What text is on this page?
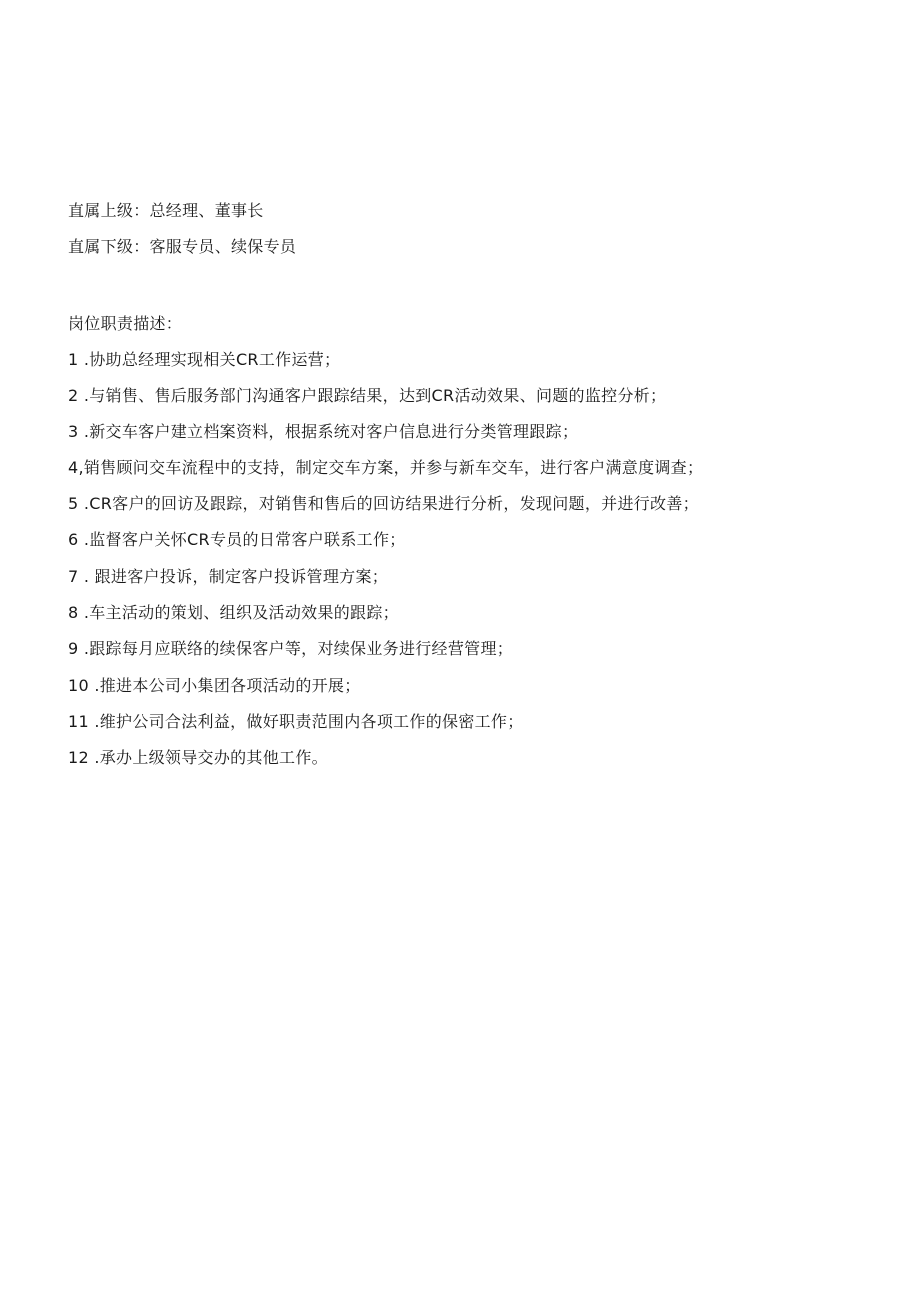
直属上级：总经理、董事长
直属下级：客服专员、续保专员
岗位职责描述：
1 .协助总经理实现相关CR工作运营；
2 .与销售、售后服务部门沟通客户跟踪结果，达到CR活动效果、问题的监控分析；
3 .新交车客户建立档案资料，根据系统对客户信息进行分类管理跟踪；
4,销售顾问交车流程中的支持，制定交车方案，并参与新车交车，进行客户满意度调查；
5 .CR客户的回访及跟踪，对销售和售后的回访结果进行分析，发现问题，并进行改善；
6 .监督客户关怀CR专员的日常客户联系工作；
7 . 跟进客户投诉，制定客户投诉管理方案；
8 .车主活动的策划、组织及活动效果的跟踪；
9 .跟踪每月应联络的续保客户等，对续保业务进行经营管理；
10 .推进本公司小集团各项活动的开展；
11 .维护公司合法利益，做好职责范围内各项工作的保密工作；
12 .承办上级领导交办的其他工作。
